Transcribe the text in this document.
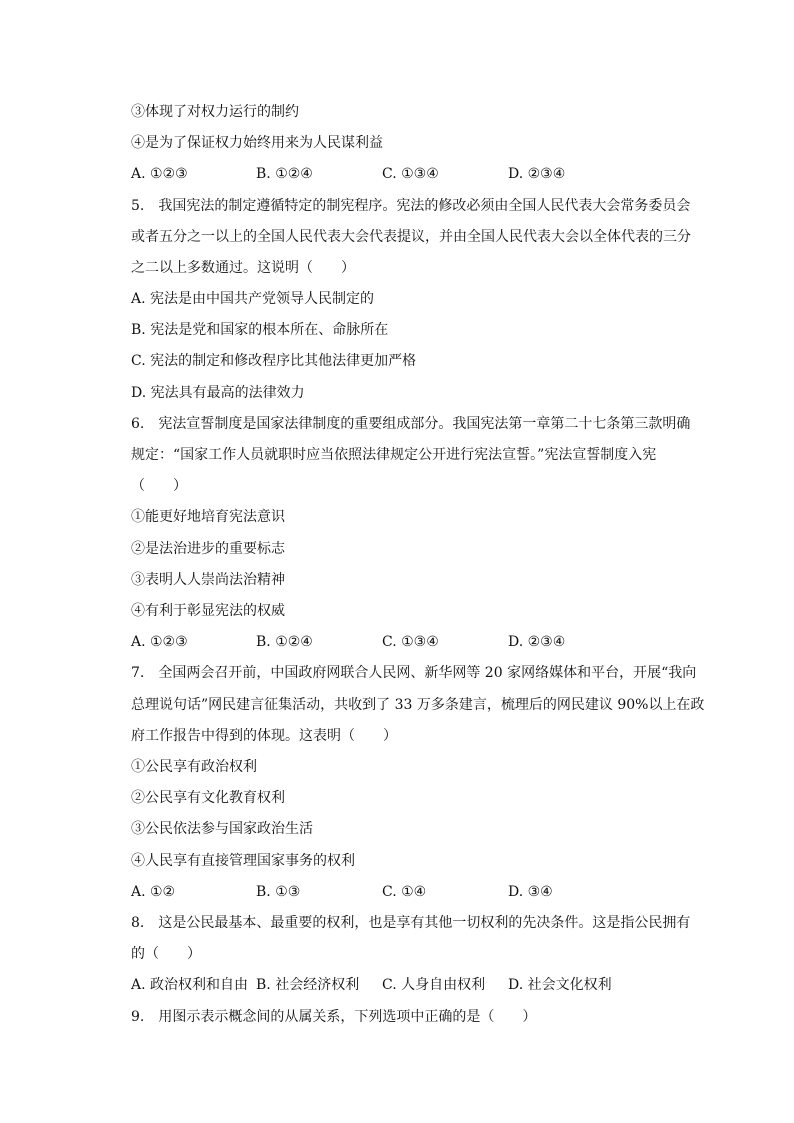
③体现了对权力运行的制约
④是为了保证权力始终用来为人民谋利益
A. ①②③	B. ①②④	C. ①③④	D. ②③④
5.　我国宪法的制定遵循特定的制宪程序。宪法的修改必须由全国人民代表大会常务委员会
或者五分之一以上的全国人民代表大会代表提议，并由全国人民代表大会以全体代表的三分
之二以上多数通过。这说明（　　）
A. 宪法是由中国共产党领导人民制定的
B. 宪法是党和国家的根本所在、命脉所在
C. 宪法的制定和修改程序比其他法律更加严格
D. 宪法具有最高的法律效力
6.　宪法宣誓制度是国家法律制度的重要组成部分。我国宪法第一章第二十七条第三款明确
规定：“国家工作人员就职时应当依照法律规定公开进行宪法宣誓。”宪法宣誓制度入宪
（　　）
①能更好地培育宪法意识
②是法治进步的重要标志
③表明人人崇尚法治精神
④有利于彰显宪法的权威
A. ①②③	B. ①②④	C. ①③④	D. ②③④
7.　全国两会召开前，中国政府网联合人民网、新华网等 20 家网络媒体和平台，开展“我向
总理说句话”网民建言征集活动，共收到了 33 万多条建言，梳理后的网民建议 90%以上在政
府工作报告中得到的体现。这表明（　　）
①公民享有政治权利
②公民享有文化教育权利
③公民依法参与国家政治生活
④人民享有直接管理国家事务的权利
A. ①②	B. ①③	C. ①④	D. ③④
8.　这是公民最基本、最重要的权利，也是享有其他一切权利的先决条件。这是指公民拥有
的（　　）
A. 政治权利和自由 B. 社会经济权利 C. 人身自由权利 D. 社会文化权利
9.　用图示表示概念间的从属关系，下列选项中正确的是（　　）
